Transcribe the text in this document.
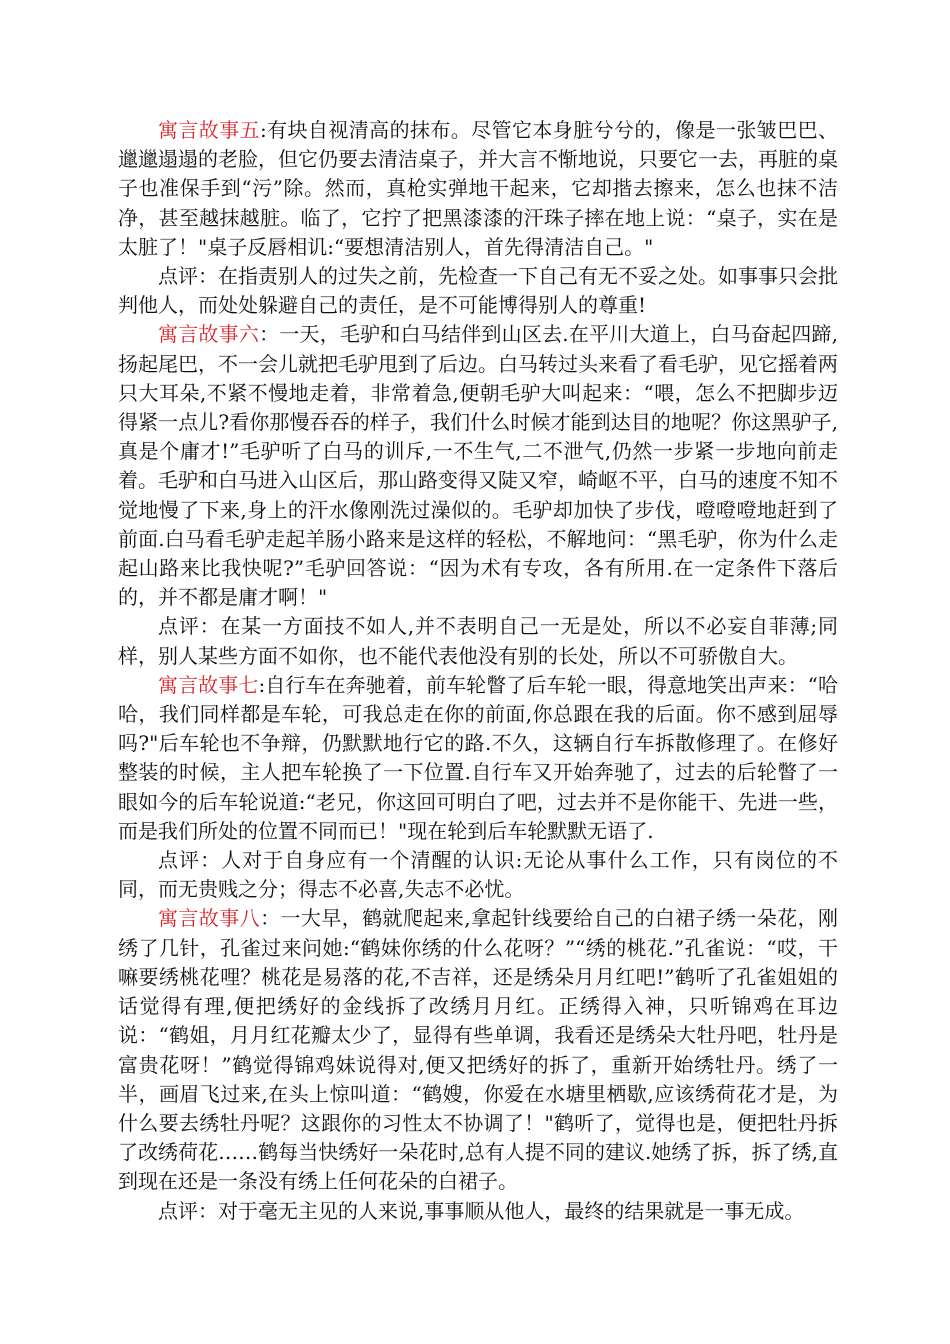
寓言故事五:有块自视清高的抹布。尽管它本身脏兮兮的，像是一张皱巴巴、邋邋遢遢的老脸，但它仍要去清洁桌子，并大言不惭地说，只要它一去，再脏的桌子也准保手到“污”除。然而，真枪实弹地干起来，它却揩去擦来，怎么也抹不洁净，甚至越抹越脏。临了，它拧了把黑漆漆的汗珠子摔在地上说：“桌子，实在是太脏了！"桌子反唇相讥:“要想清洁别人，首先得清洁自己。"

点评：在指责别人的过失之前，先检查一下自己有无不妥之处。如事事只会批判他人，而处处躲避自己的责任，是不可能博得别人的尊重!

寓言故事六：一天，毛驴和白马结伴到山区去.在平川大道上，白马奋起四蹄,扬起尾巴，不一会儿就把毛驴甩到了后边。白马转过头来看了看毛驴，见它摇着两只大耳朵,不紧不慢地走着，非常着急,便朝毛驴大叫起来：“喂，怎么不把脚步迈得紧一点儿?看你那慢吞吞的样子，我们什么时候才能到达目的地呢？你这黑驴子,真是个庸才!”毛驴听了白马的训斥,一不生气,二不泄气,仍然一步紧一步地向前走着。毛驴和白马进入山区后，那山路变得又陡又窄，崎岖不平，白马的速度不知不觉地慢了下来,身上的汗水像刚洗过澡似的。毛驴却加快了步伐，噔噔噔地赶到了前面.白马看毛驴走起羊肠小路来是这样的轻松，不解地问：“黑毛驴，你为什么走起山路来比我快呢?”毛驴回答说：“因为术有专攻，各有所用.在一定条件下落后的，并不都是庸才啊！"

点评：在某一方面技不如人,并不表明自己一无是处，所以不必妄自菲薄;同样，别人某些方面不如你，也不能代表他没有别的长处，所以不可骄傲自大。

寓言故事七:自行车在奔驰着，前车轮瞥了后车轮一眼，得意地笑出声来：“哈哈，我们同样都是车轮，可我总走在你的前面,你总跟在我的后面。你不感到屈辱吗?"后车轮也不争辩，仍默默地行它的路.不久，这辆自行车拆散修理了。在修好整装的时候，主人把车轮换了一下位置.自行车又开始奔驰了，过去的后轮瞥了一眼如今的后车轮说道:“老兄，你这回可明白了吧，过去并不是你能干、先进一些，而是我们所处的位置不同而已！"现在轮到后车轮默默无语了.

点评：人对于自身应有一个清醒的认识:无论从事什么工作，只有岗位的不同，而无贵贱之分；得志不必喜,失志不必忧。

寓言故事八：一大早，鹤就爬起来,拿起针线要给自己的白裙子绣一朵花，刚绣了几针，孔雀过来问她:“鹤妹你绣的什么花呀？”“绣的桃花.”孔雀说：“哎，干嘛要绣桃花哩？桃花是易落的花,不吉祥，还是绣朵月月红吧!”鹤听了孔雀姐姐的话觉得有理,便把绣好的金线拆了改绣月月红。正绣得入神，只听锦鸡在耳边说：“鹤姐，月月红花瓣太少了，显得有些单调，我看还是绣朵大牡丹吧，牡丹是富贵花呀！”鹤觉得锦鸡妹说得对,便又把绣好的拆了，重新开始绣牡丹。绣了一半，画眉飞过来,在头上惊叫道：“鹤嫂，你爱在水塘里栖歇,应该绣荷花才是，为什么要去绣牡丹呢？这跟你的习性太不协调了！"鹤听了，觉得也是，便把牡丹拆了改绣荷花……鹤每当快绣好一朵花时,总有人提不同的建议.她绣了拆，拆了绣,直到现在还是一条没有绣上任何花朵的白裙子。

点评：对于毫无主见的人来说,事事顺从他人，最终的结果就是一事无成。
